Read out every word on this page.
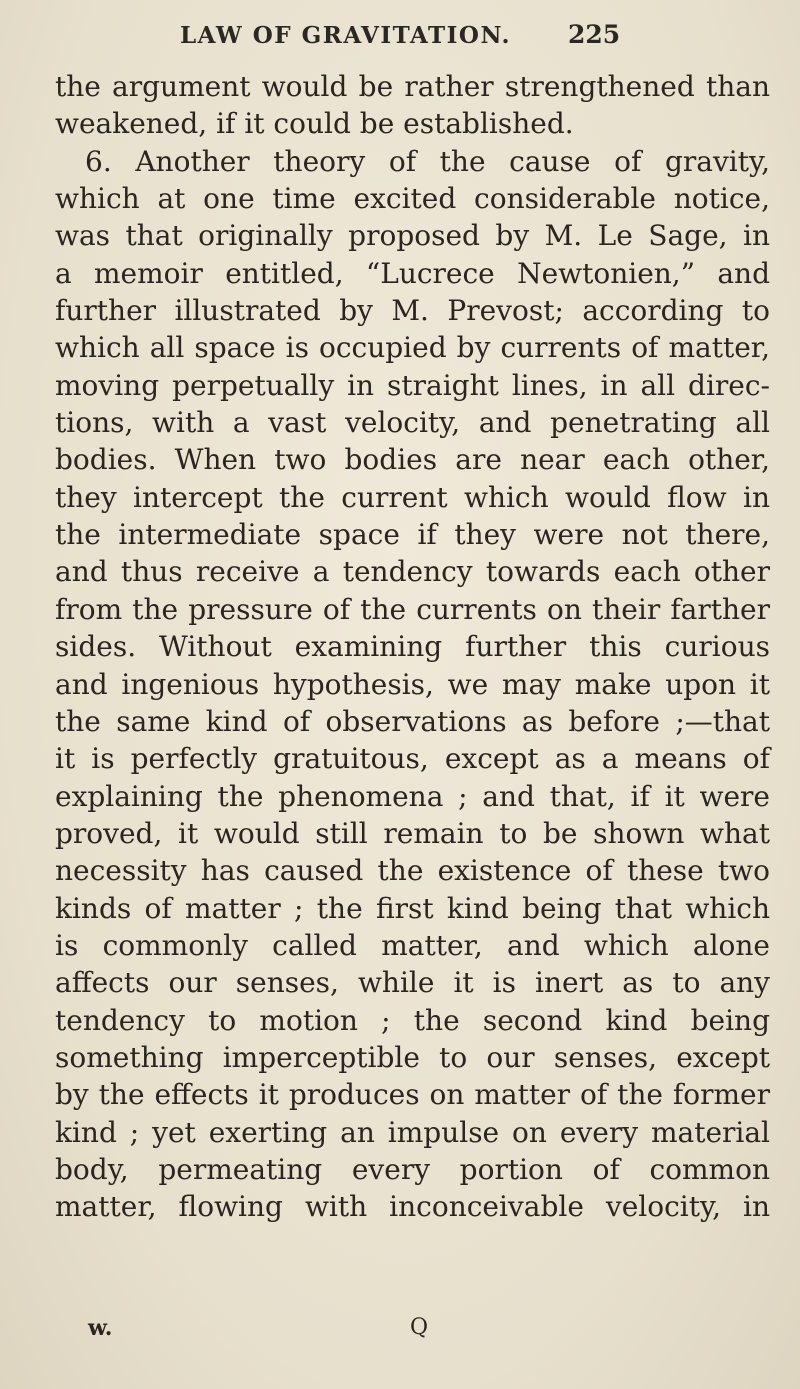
LAW OF GRAVITATION. 225
the argument would be rather strengthened than
weakened, if it could be established.
6. Another theory of the cause of gravity,
which at one time excited considerable notice,
was that originally proposed by M. Le Sage, in
a memoir entitled, “Lucrece Newtonien,” and
further illustrated by M. Prevost; according to
which all space is occupied by currents of matter,
moving perpetually in straight lines, in all direc-
tions, with a vast velocity, and penetrating all
bodies. When two bodies are near each other,
they intercept the current which would flow in
the intermediate space if they were not there,
and thus receive a tendency towards each other
from the pressure of the currents on their farther
sides. Without examining further this curious
and ingenious hypothesis, we may make upon it
the same kind of observations as before ;—that
it is perfectly gratuitous, except as a means of
explaining the phenomena ; and that, if it were
proved, it would still remain to be shown what
necessity has caused the existence of these two
kinds of matter ; the first kind being that which
is commonly called matter, and which alone
affects our senses, while it is inert as to any
tendency to motion ; the second kind being
something imperceptible to our senses, except
by the effects it produces on matter of the former
kind ; yet exerting an impulse on every material
body, permeating every portion of common
matter, flowing with inconceivable velocity, in
w.	Q
